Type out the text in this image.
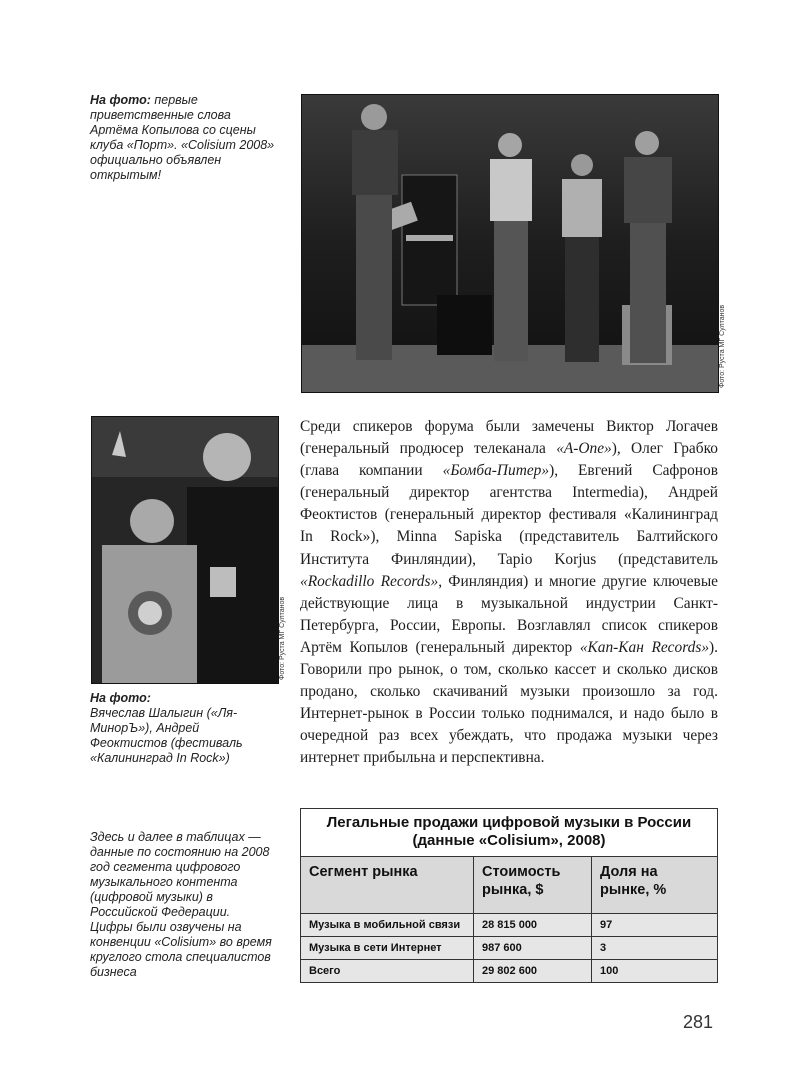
На фото: первые приветственные слова Артёма Копылова со сцены клуба «Порт». «Colisium 2008» официально объявлен открытым!
Фото: Руста МГ Султанов
Фото: Руста МГ Султанов
На фото:
Вячеслав Шалыгин («Ля-МинорЪ»), Андрей Феоктистов (фестиваль «Калининград In Rock»)
Здесь и далее в таблицах — данные по состоянию на 2008 год сегмента цифрового музыкального контента (цифровой музыки) в Российской Федерации. Цифры были озвучены на конвенции «Colisium» во время круглого стола специалистов бизнеса

Среди спикеров форума были замечены Виктор Логачев (генеральный продюсер телеканала «A-One»), Олег Грабко (глава компании «Бомба-Питер»), Евгений Сафронов (генеральный директор агентства Intermedia), Андрей Феоктистов (генеральный директор фестиваля «Калининград In Rock»), Minna Sapiska (представитель Балтийского Института Финляндии), Tapio Korjus (представитель «Rockadillo Records», Финляндия) и многие другие ключевые действующие лица в музыкальной индустрии Санкт-Петербурга, России, Европы. Возглавлял список спикеров Артём Копылов (генеральный директор «Кап-Кан Records»). Говорили про рынок, о том, сколько кассет и сколько дисков продано, сколько скачиваний музыки произошло за год. Интернет-рынок в России только поднимался, и надо было в очередной раз всех убеждать, что продажа музыки через интернет прибыльна и перспективна.

Легальные продажи цифровой музыки в России (данные «Colisium», 2008)		
Сегмент рынка	Стоимость рынка, $	Доля на рынке, %
Музыка в мобильной связи	28 815 000	97
Музыка в сети Интернет	987 600	3
Всего	29 802 600	100
281
